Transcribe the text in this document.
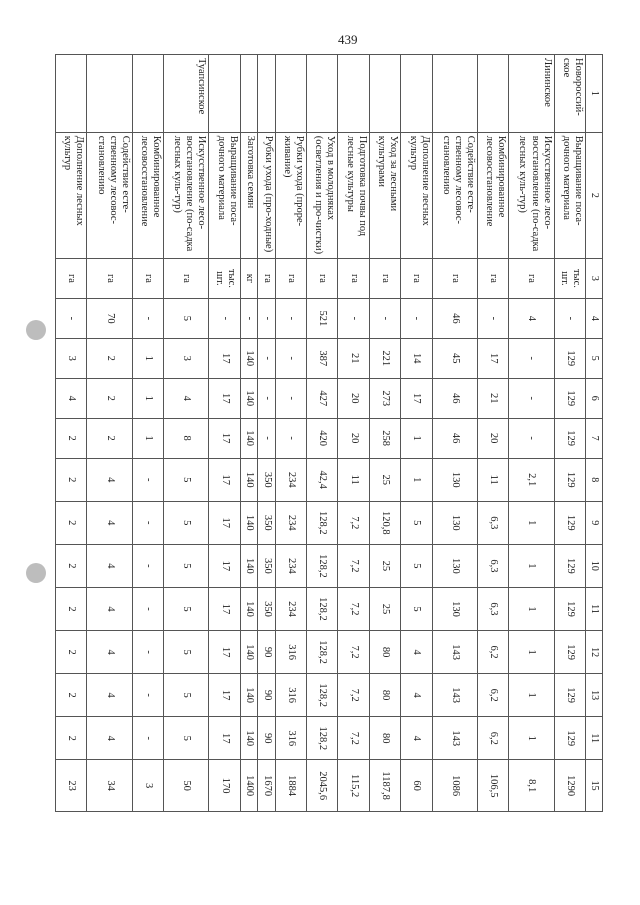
439
1	2	3	4	5	6	7	8	9	10	11	12	13	11	15
Новороссий-ское	Выращивание поса-дочного материала	тыс. шт.	-	129	129	129	129	129	129	129	129	129	129	1290
Лининское	Искусственное лесо-восстановление (по-садка лесных куль-тур)	га	4	-	-	-	2,1	1	1	1	1	1	1	8,1
	Комбинированное лесовосстановление	га	-	17	21	20	11	6,3	6,3	6,3	6,2	6,2	6,2	106,5
	Содействие есте-ственному лесовос-становлению	га	46	45	46	46	130	130	130	130	143	143	143	1086
	Дополнение лесных культур	га	-	14	17	1	1	5	5	5	4	4	4	60
	Уход за лесными культурами	га	-	221	273	258	25	120,8	25	25	80	80	80	1187,8
	Подготовка почвы под лесные культуры	га	-	21	20	20	11	7,2	7,2	7,2	7,2	7,2	7,2	115,2
	Уход в молодняках (осветления и про-чистки)	га	521	387	427	420	42,4	128,2	128,2	128,2	128,2	128,2	128,2	2045,6
	Рубки ухода (проре-живание)	га	-	-	-	-	234	234	234	234	316	316	316	1884
	Рубки ухода (про-ходные)	га	-	-	-	-	350	350	350	350	90	90	90	1670
	Заготовка семян	кг	-	140	140	140	140	140	140	140	140	140	140	1400
	Выращивание поса-дочного материала	тыс. шт.	-	17	17	17	17	17	17	17	17	17	17	170
Туапсинское	Искусственное лесо-восстановление (по-садка лесных куль-тур)	га	5	3	4	8	5	5	5	5	5	5	5	50
	Комбинированное лесовосстановление	га	-	1	1	1	-	-	-	-	-	-	-	3
	Содействие есте-ственному лесовос-становлению	га	70	2	2	2	4	4	4	4	4	4	4	34
	Дополнение лесных культур	га	-	3	4	2	2	2	2	2	2	2	2	23
